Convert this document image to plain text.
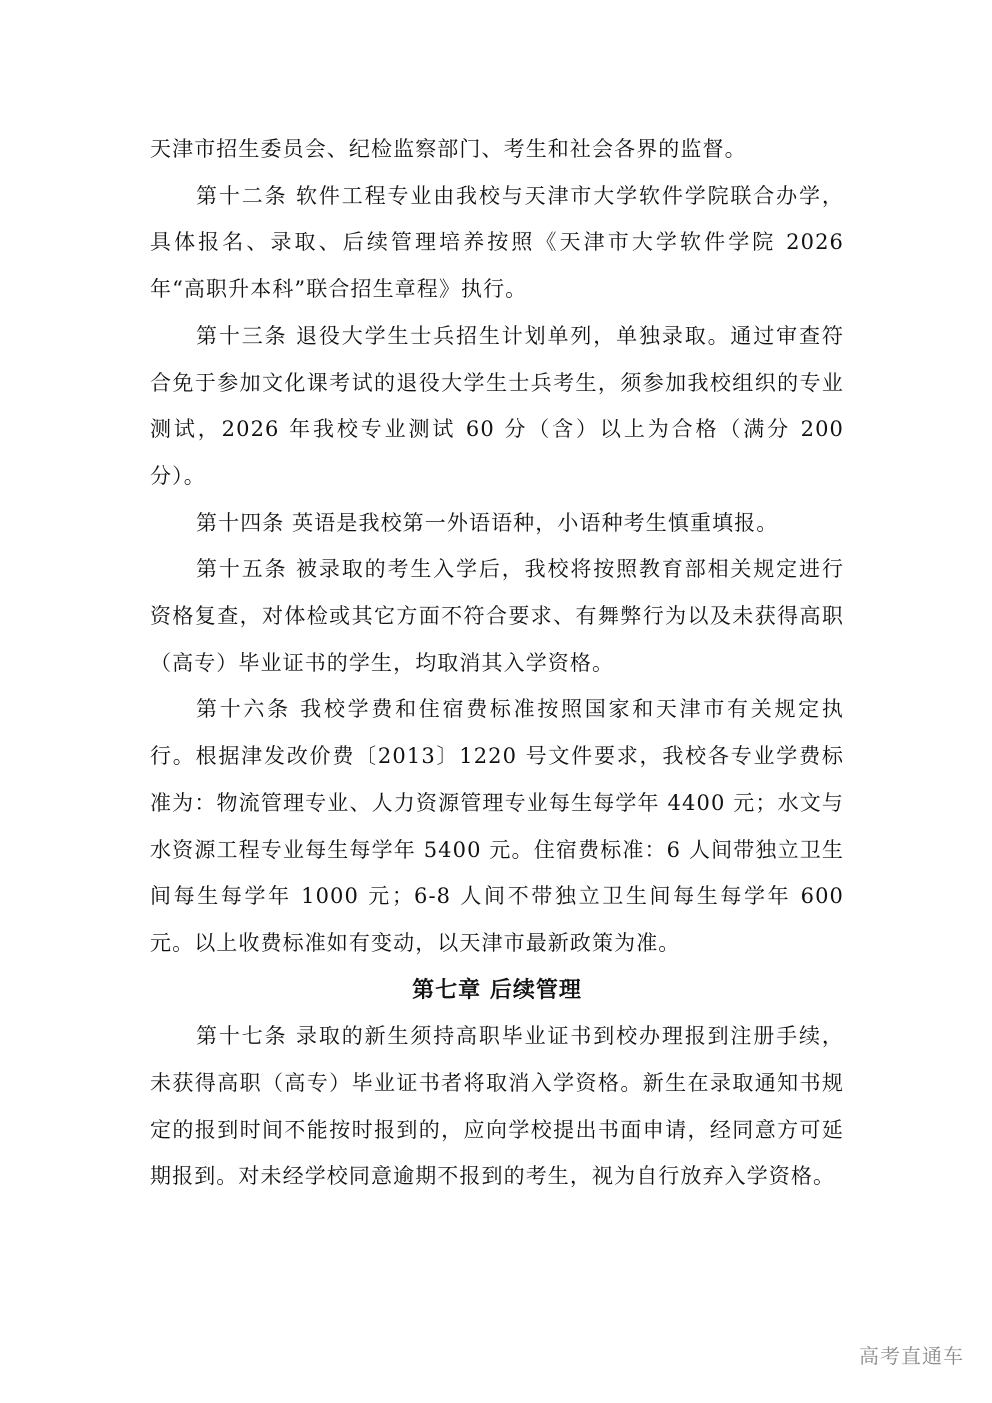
天津市招生委员会、纪检监察部门、考生和社会各界的监督。

第十二条 软件工程专业由我校与天津市大学软件学院联合办学，具体报名、录取、后续管理培养按照《天津市大学软件学院 2026 年“高职升本科”联合招生章程》执行。

第十三条 退役大学生士兵招生计划单列，单独录取。通过审查符合免于参加文化课考试的退役大学生士兵考生，须参加我校组织的专业测试，2026 年我校专业测试 60 分（含）以上为合格（满分 200 分）。

第十四条 英语是我校第一外语语种，小语种考生慎重填报。

第十五条 被录取的考生入学后，我校将按照教育部相关规定进行资格复查，对体检或其它方面不符合要求、有舞弊行为以及未获得高职（高专）毕业证书的学生，均取消其入学资格。

第十六条 我校学费和住宿费标准按照国家和天津市有关规定执行。根据津发改价费〔2013〕1220 号文件要求，我校各专业学费标准为：物流管理专业、人力资源管理专业每生每学年 4400 元；水文与水资源工程专业每生每学年 5400 元。住宿费标准：6 人间带独立卫生间每生每学年 1000 元；6-8 人间不带独立卫生间每生每学年 600 元。以上收费标准如有变动，以天津市最新政策为准。

第七章 后续管理

第十七条 录取的新生须持高职毕业证书到校办理报到注册手续，未获得高职（高专）毕业证书者将取消入学资格。新生在录取通知书规定的报到时间不能按时报到的，应向学校提出书面申请，经同意方可延期报到。对未经学校同意逾期不报到的考生，视为自行放弃入学资格。

高考直通车
